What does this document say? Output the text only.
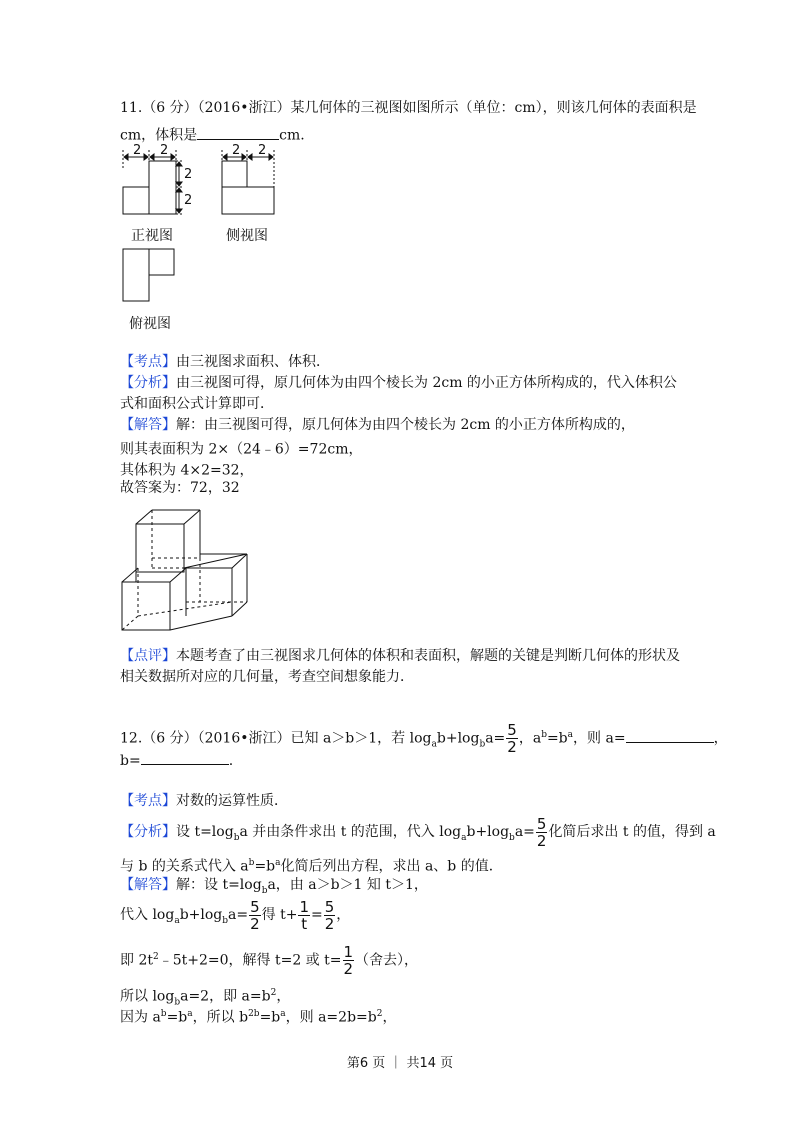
11.（6 分）（2016•浙江）某几何体的三视图如图所示（单位：cm），则该几何体的表面积是
cm，体积是	cm.
2 2
2
2
2 2
正视图	侧视图
俯视图
【考点】由三视图求面积、体积．
【分析】由三视图可得，原几何体为由四个棱长为 2cm 的小正方体所构成的，代入体积公
式和面积公式计算即可．
【解答】解：由三视图可得，原几何体为由四个棱长为 2cm 的小正方体所构成的，
则其表面积为 2×（24﹣6）=72cm，
其体积为 4×2=32，
故答案为：72，32
【点评】本题考查了由三视图求几何体的体积和表面积，解题的关键是判断几何体的形状及
相关数据所对应的几何量，考查空间想象能力．
12.（6 分）（2016•浙江）已知 a＞b＞1，若 $\log_ab+\log_ba= \frac{5}{2}$ ，$a^b=b^a$，则 a=	，
b=	.
【考点】对数的运算性质．
【分析】设 $t=\log_ba$ 并由条件求出 t 的范围，代入 $\log_ab+\log_ba= \frac{5}{2}$ 化简后求出 t 的值，得到 a
与 b 的关系式代入 $a^b=b^a$化简后列出方程，求出 a、b 的值．
【解答】解：设 $t=\log_ba$，由 a＞b＞1 知 t＞1，
代入 $\log_ab+\log_ba= \frac{5}{2}$ 得 $t+ \frac{1}{t} = \frac{5}{2}$ ，
即 $2t^2﹣5t+2=0$，解得 t=2 或 $t= \frac{1}{2}$ （舍去），
所以 $\log_ba=2$，即 $a=b^2$，
因为 $a^b=b^a$，所以 $b^{2b}=b^a$，则 $a=2b=b^2$，
第6 页 ｜ 共14 页
